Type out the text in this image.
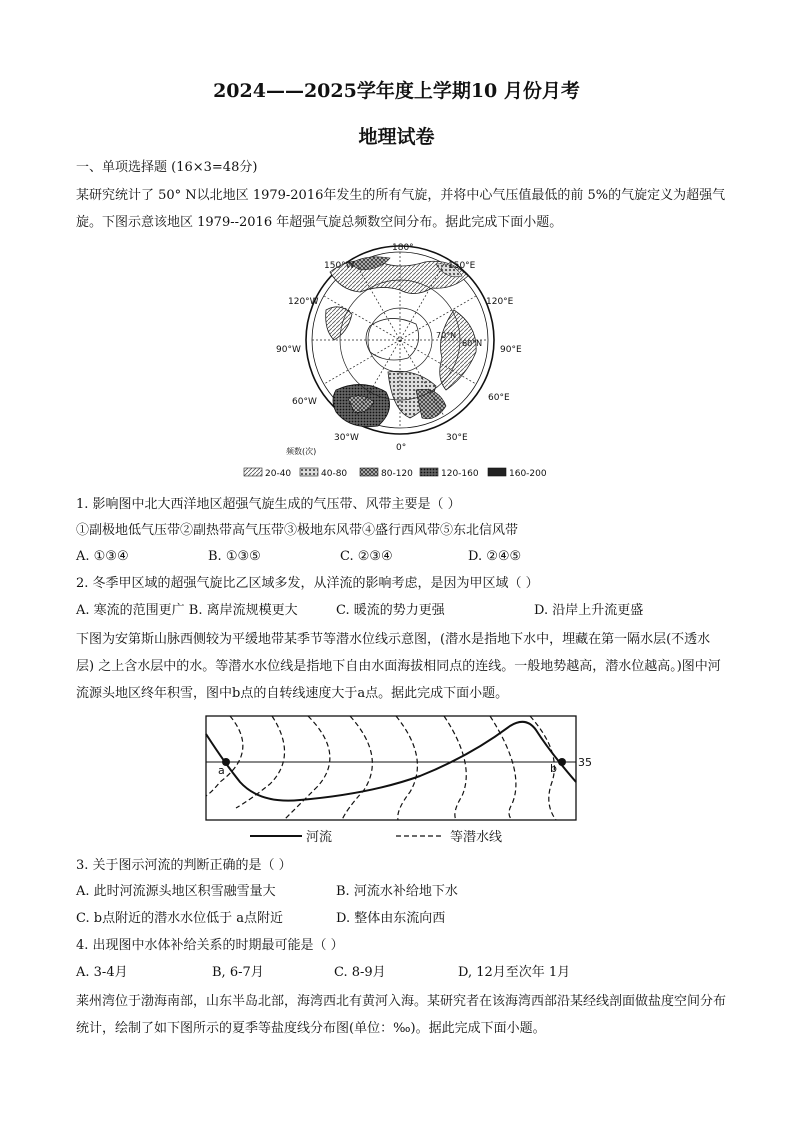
2024——2025学年度上学期10 月份月考
地理试卷
一、单项选择题 (16×3=48分)
某研究统计了 50° N以北地区 1979-2016年发生的所有气旋，并将中心气压值最低的前 5%的气旋定义为超强气旋。下图示意该地区 1979--2016 年超强气旋总频数空间分布。据此完成下面小题。
180°
150°W	150°E
120°W	120°E
90°W	90°E
60°W	60°E
30°W	30°E
0°
70°N
60°N
频数(次)
20-40	40-80	80-120	120-160	160-200
1. 影响图中北大西洋地区超强气旋生成的气压带、风带主要是（ ）
①副极地低气压带②副热带高气压带③极地东风带④盛行西风带⑤东北信风带
A. ①③④	B. ①③⑤	C. ②③④	D. ②④⑤
2. 冬季甲区域的超强气旋比乙区域多发，从洋流的影响考虑，是因为甲区域（ ）
A. 寒流的范围更广 B. 离岸流规模更大	C. 暖流的势力更强	D. 沿岸上升流更盛
下图为安第斯山脉西侧较为平缓地带某季节等潜水位线示意图，(潜水是指地下水中，埋藏在第一隔水层(不透水层) 之上含水层中的水。等潜水水位线是指地下自由水面海拔相同点的连线。一般地势越高，潜水位越高。)图中河流源头地区终年积雪，图中b点的自转线速度大于a点。据此完成下面小题。
a	b 35
河流	等潜水线
3. 关于图示河流的判断正确的是（ ）
A. 此时河流源头地区积雪融雪量大	B. 河流水补给地下水
C. b点附近的潜水水位低于 a点附近	D. 整体由东流向西
4. 出现图中水体补给关系的时期最可能是（ ）
A. 3-4月	B, 6-7月	C. 8-9月	D, 12月至次年 1月
莱州湾位于渤海南部，山东半岛北部，海湾西北有黄河入海。某研究者在该海湾西部沿某经线剖面做盐度空间分布统计，绘制了如下图所示的夏季等盐度线分布图(单位：‰)。据此完成下面小题。
